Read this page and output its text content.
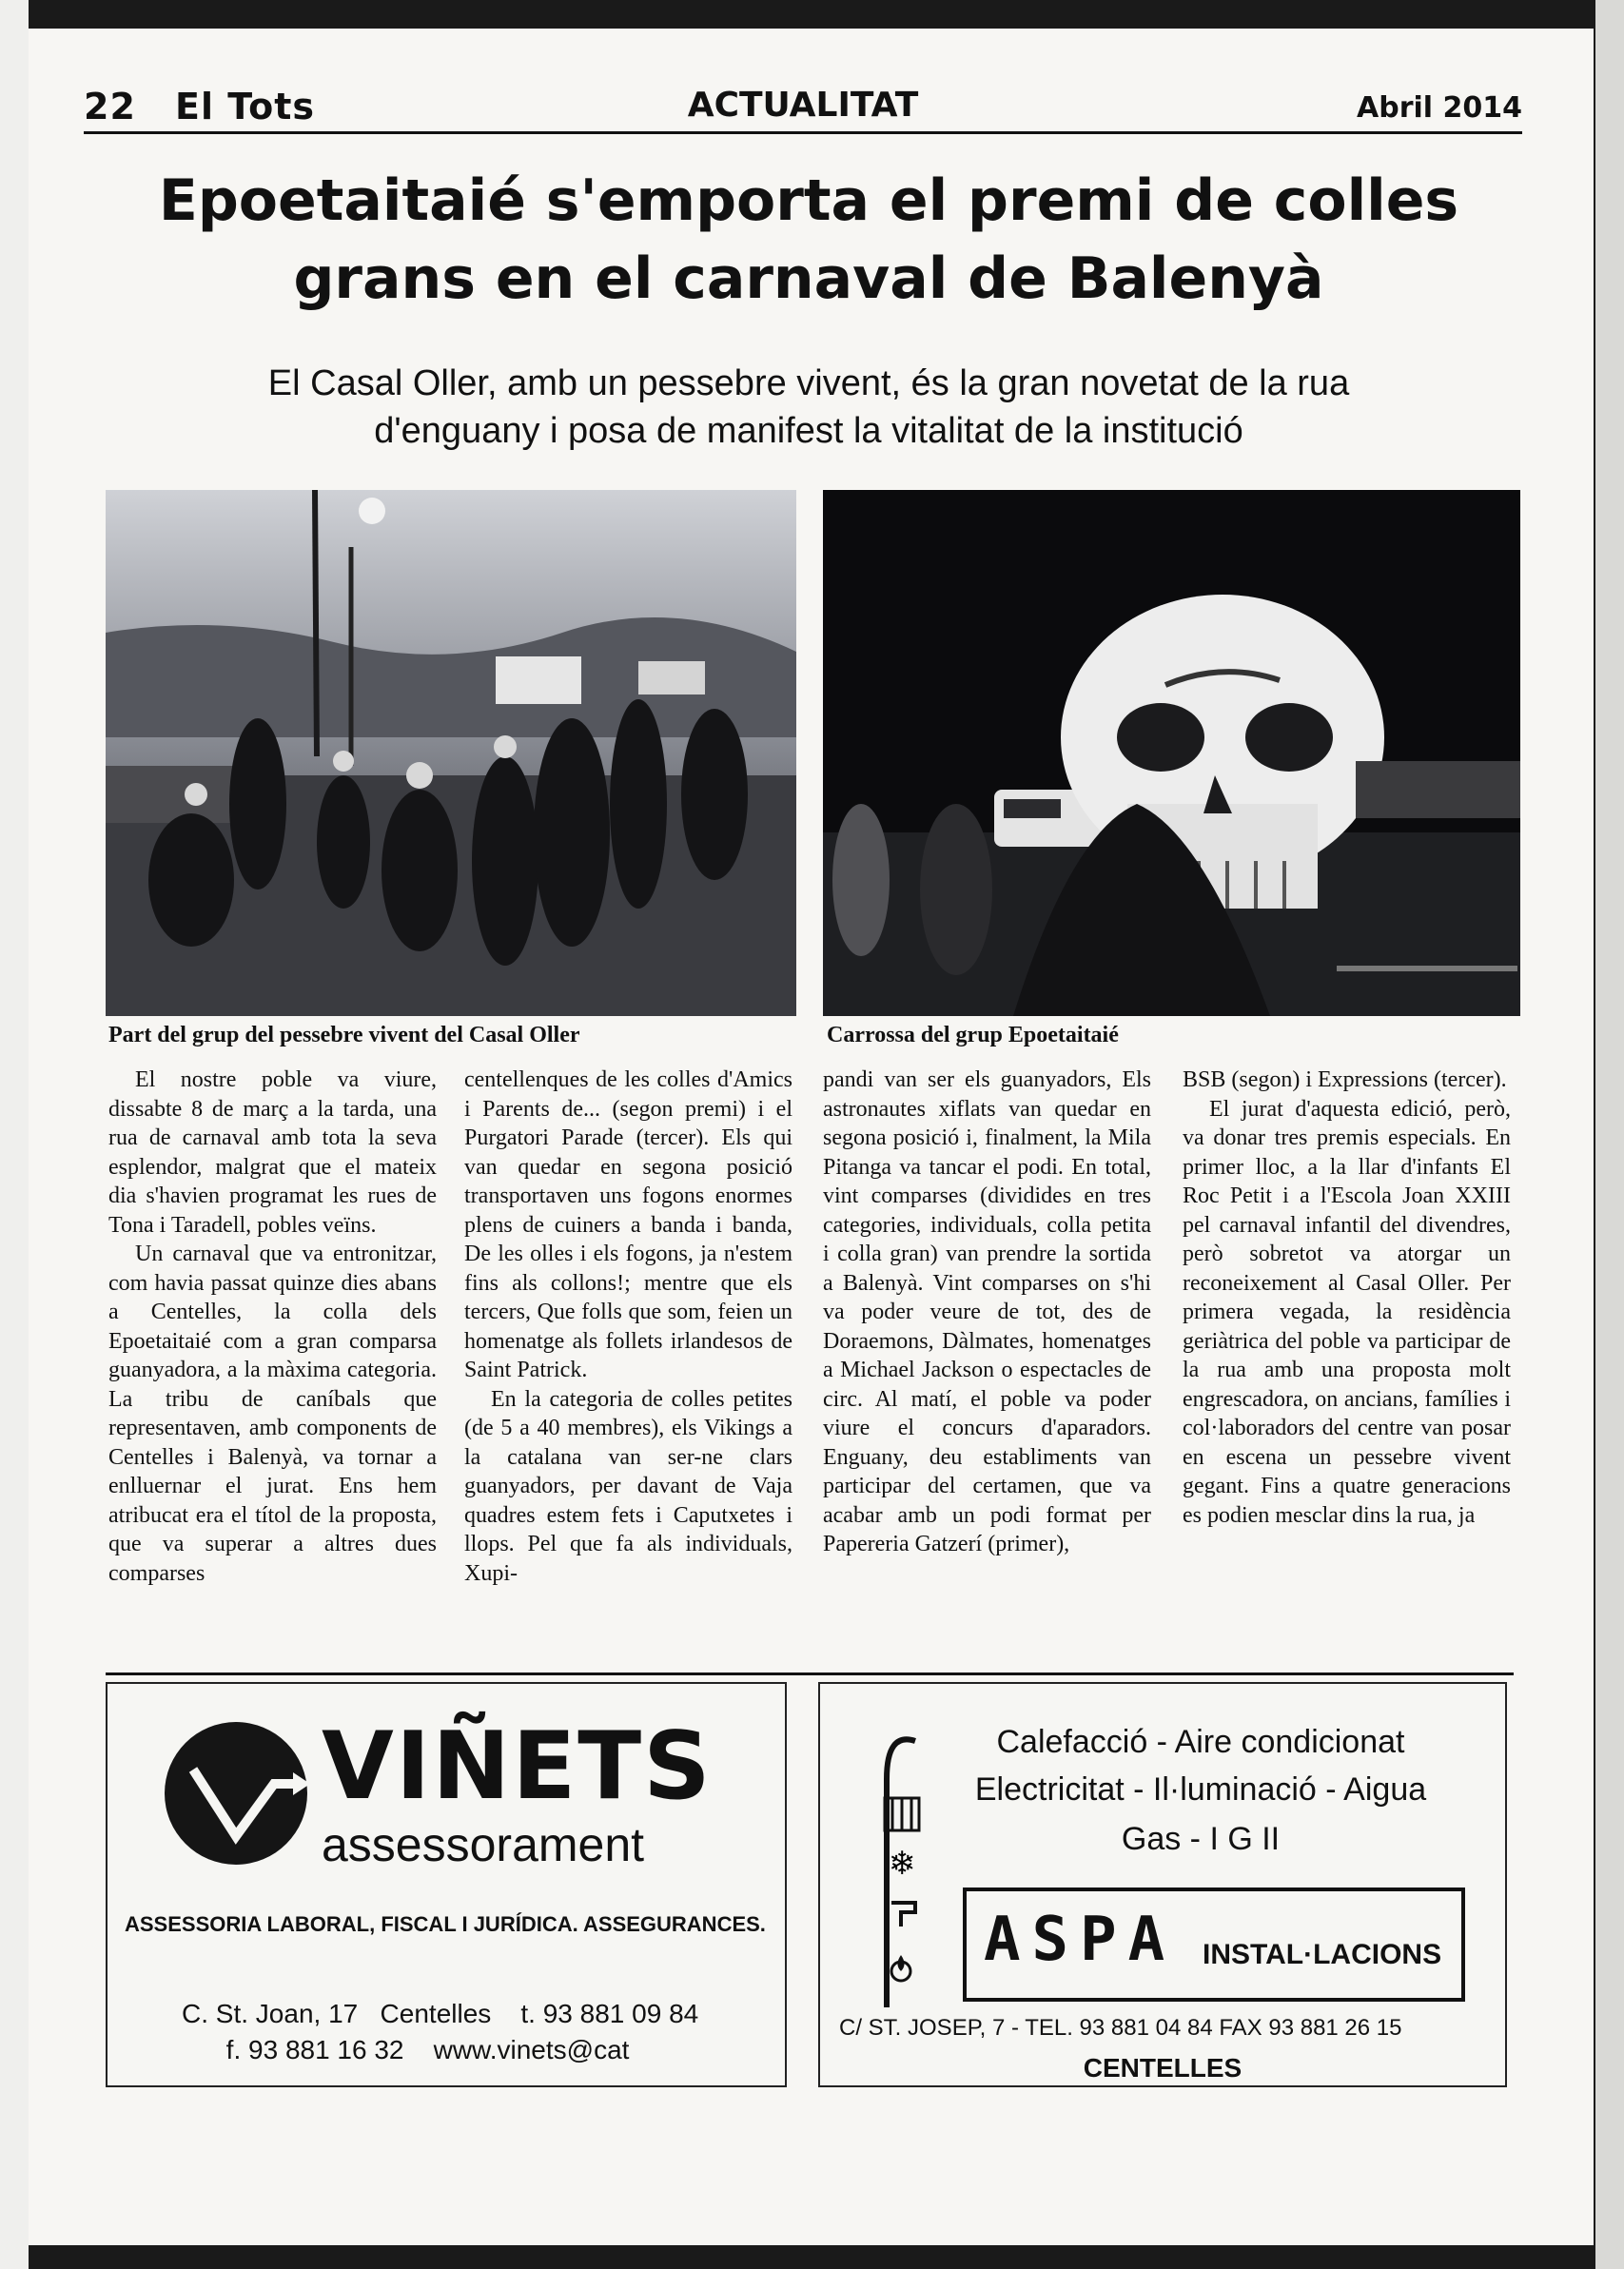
22 El Tots	ACTUALITAT	Abril 2014
Epoetaitaié s'emporta el premi de colles
grans en el carnaval de Balenyà
El Casal Oller, amb un pessebre vivent, és la gran novetat de la rua
d'enguany i posa de manifest la vitalitat de la institució
Part del grup del pessebre vivent del Casal Oller	Carrossa del grup Epoetaitaié

El nostre poble va viure, dissabte 8 de març a la tarda, una rua de carnaval amb tota la seva esplendor, malgrat que el mateix dia s'havien programat les rues de Tona i Taradell, pobles veïns.

Un carnaval que va entronitzar, com havia passat quinze dies abans a Centelles, la colla dels Epoetaitaié com a gran comparsa guanyadora, a la màxima categoria. La tribu de caníbals que representaven, amb components de Centelles i Balenyà, va tornar a enlluernar el jurat. Ens hem atribucat era el títol de la proposta, que va superar a altres dues comparses

centellenques de les colles d'Amics i Parents de... (segon premi) i el Purgatori Parade (tercer). Els qui van quedar en segona posició transportaven uns fogons enormes plens de cuiners a banda i banda, De les olles i els fogons, ja n'estem fins als collons!; mentre que els tercers, Que folls que som, feien un homenatge als follets irlandesos de Saint Patrick.

En la categoria de colles petites (de 5 a 40 membres), els Vikings a la catalana van ser-ne clars guanyadors, per davant de Vaja quadres estem fets i Caputxetes i llops. Pel que fa als individuals, Xupi-

pandi van ser els guanyadors, Els astronautes xiflats van quedar en segona posició i, finalment, la Mila Pitanga va tancar el podi. En total, vint comparses (dividides en tres categories, individuals, colla petita i colla gran) van prendre la sortida a Balenyà. Vint comparses on s'hi va poder veure de tot, des de Doraemons, Dàlmates, homenatges a Michael Jackson o espectacles de circ. Al matí, el poble va poder viure el concurs d'aparadors. Enguany, deu establiments van participar del certamen, que va acabar amb un podi format per Papereria Gatzerí (primer),

BSB (segon) i Expressions (tercer).

El jurat d'aquesta edició, però, va donar tres premis especials. En primer lloc, a la llar d'infants El Roc Petit i a l'Escola Joan XXIII pel carnaval infantil del divendres, però sobretot va atorgar un reconeixement al Casal Oller. Per primera vegada, la residència geriàtrica del poble va participar de la rua amb una proposta molt engrescadora, on ancians, famílies i col·laboradors del centre van posar en escena un pessebre vivent gegant. Fins a quatre generacions es podien mesclar dins la rua, ja

VIÑETS
assessorament
ASSESSORIA LABORAL, FISCAL I JURÍDICA. ASSEGURANCES.
C. St. Joan, 17   Centelles    t. 93 881 09 84
f. 93 881 16 32    www.vinets@cat
❄
Calefacció - Aire condicionat
Electricitat - Il·luminació - Aigua
Gas - I G II
ASPA INSTAL·LACIONS
C/ ST. JOSEP, 7 - TEL. 93 881 04 84 FAX 93 881 26 15
CENTELLES
